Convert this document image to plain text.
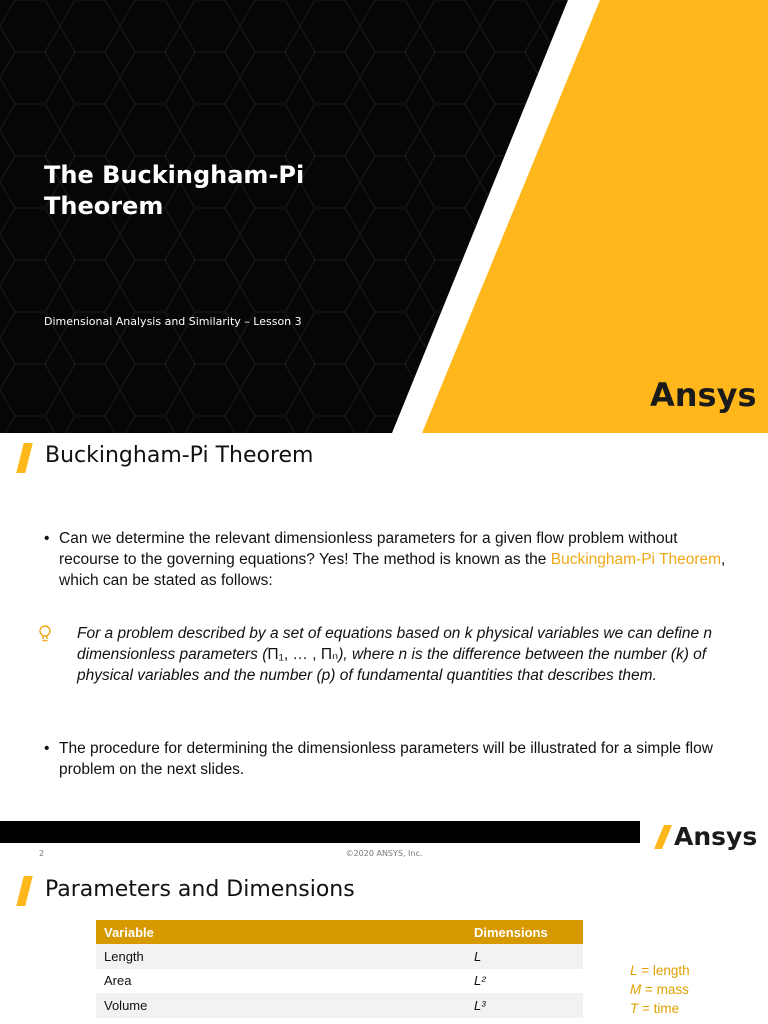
The Buckingham-Pi
Theorem
Dimensional Analysis and Similarity – Lesson 3
Ansys
Buckingham-Pi Theorem
• Can we determine the relevant dimensionless parameters for a given flow problem without recourse to the governing equations? Yes! The method is known as the Buckingham-Pi Theorem, which can be stated as follows:
For a problem described by a set of equations based on k physical variables we can define n dimensionless parameters (Π₁, … , Πₙ), where n is the difference between the number (k) of physical variables and the number (p) of fundamental quantities that describes them.
• The procedure for determining the dimensionless parameters will be illustrated for a simple flow problem on the next slides.
Ansys
2	©2020 ANSYS, Inc.
Parameters and Dimensions
Variable	Dimensions
Length	L
Area	L²
Volume	L³
L = length
M = mass
T = time
